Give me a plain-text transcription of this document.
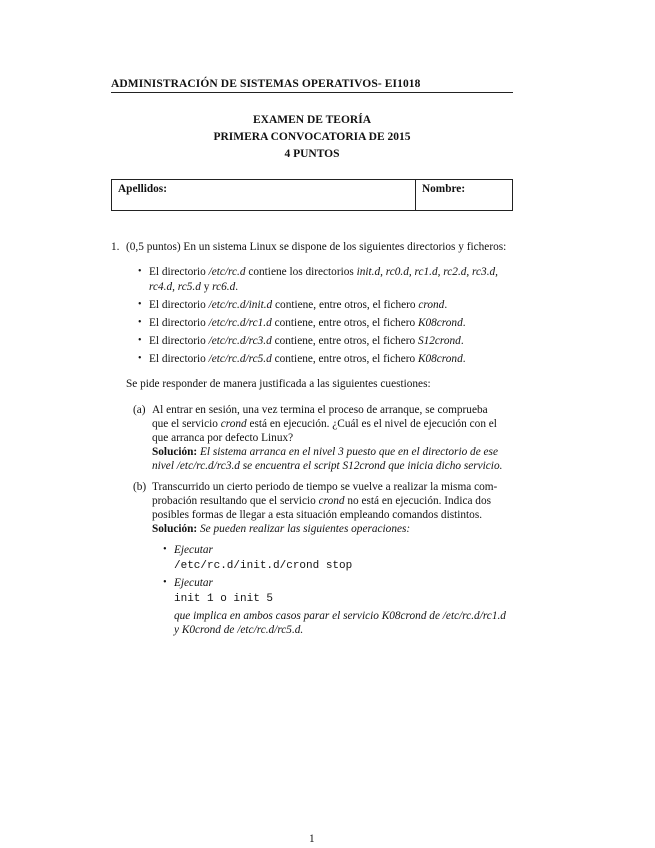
ADMINISTRACIÓN DE SISTEMAS OPERATIVOS- EI1018
EXAMEN DE TEORÍA
PRIMERA CONVOCATORIA DE 2015
4 PUNTOS
Apellidos:	Nombre:
1. (0,5 puntos) En un sistema Linux se dispone de los siguientes directorios y ficheros:
• El directorio /etc/rc.d contiene los directorios init.d, rc0.d, rc1.d, rc2.d, rc3.d,
rc4.d, rc5.d y rc6.d.
• El directorio /etc/rc.d/init.d contiene, entre otros, el fichero crond.
• El directorio /etc/rc.d/rc1.d contiene, entre otros, el fichero K08crond.
• El directorio /etc/rc.d/rc3.d contiene, entre otros, el fichero S12crond.
• El directorio /etc/rc.d/rc5.d contiene, entre otros, el fichero K08crond.
Se pide responder de manera justificada a las siguientes cuestiones:
(a) Al entrar en sesión, una vez termina el proceso de arranque, se comprueba
que el servicio crond está en ejecución. ¿Cuál es el nivel de ejecución con el
que arranca por defecto Linux?
Solución: El sistema arranca en el nivel 3 puesto que en el directorio de ese
nivel /etc/rc.d/rc3.d se encuentra el script S12crond que inicia dicho servicio.
(b) Transcurrido un cierto periodo de tiempo se vuelve a realizar la misma com-
probación resultando que el servicio crond no está en ejecución. Indica dos
posibles formas de llegar a esta situación empleando comandos distintos.
Solución: Se pueden realizar las siguientes operaciones:
• Ejecutar
/etc/rc.d/init.d/crond stop
• Ejecutar
init 1 o init 5
que implica en ambos casos parar el servicio K08crond de /etc/rc.d/rc1.d
y K0crond de /etc/rc.d/rc5.d.
1
